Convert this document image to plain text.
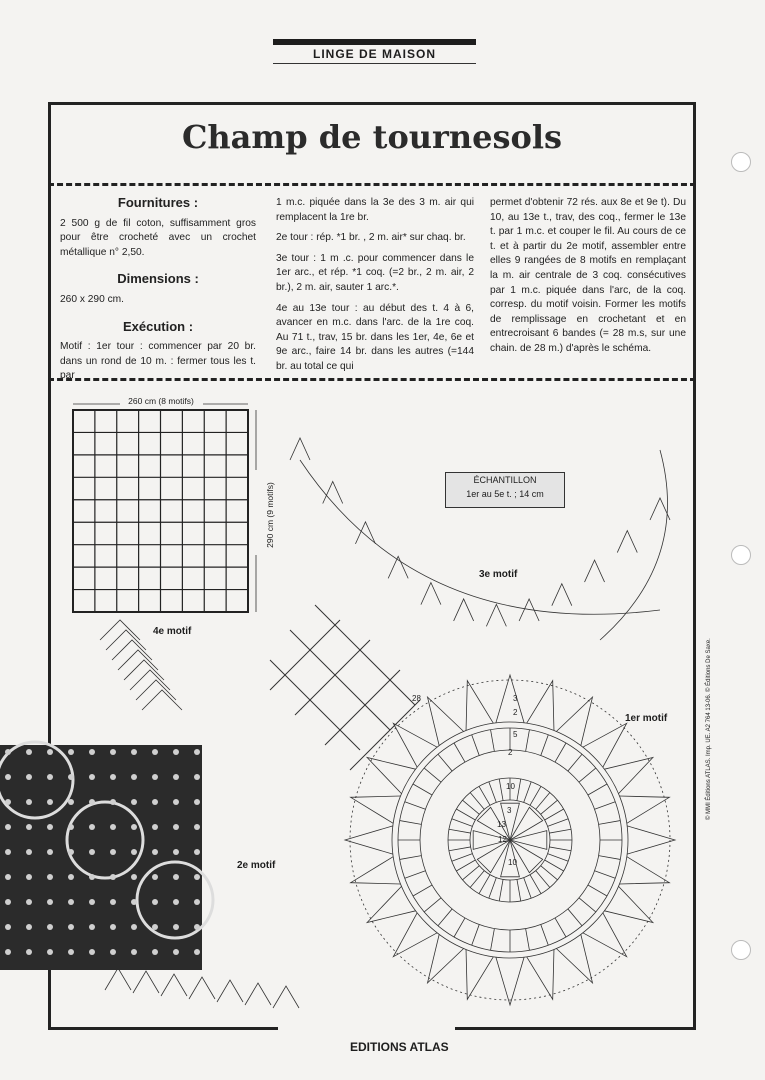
LINGE DE MAISON
Champ de tournesols
Fournitures :

2 500 g de fil coton, suffisamment gros pour être crocheté avec un crochet métallique n° 2,50.

Dimensions :

260 x 290 cm.

Exécution :

Motif : 1er tour : commencer par 20 br. dans un rond de 10 m. : fermer tous les t. par

1 m.c. piquée dans la 3e des 3 m. air qui remplacent la 1re br.

2e tour : rép. *1 br. , 2 m. air* sur chaq. br.

3e tour : 1 m .c. pour commencer dans le 1er arc., et rép. *1 coq. (=2 br., 2 m. air, 2 br.), 2 m. air, sauter 1 arc.*.

4e au 13e tour : au début des t. 4 à 6, avancer en m.c. dans l'arc. de la 1re coq. Au 71 t., trav, 15 br. dans les 1er, 4e, 6e et 9e arc., faire 14 br. dans les autres (=144 br. au total ce qui

permet d'obtenir 72 rés. aux 8e et 9e t). Du 10, au 13e t., trav, des coq., fermer le 13e t. par 1 m.c. et couper le fil. Au cours de ce t. et à partir du 2e motif, assembler entre elles 9 rangées de 8 motifs en remplaçant la m. air centrale de 3 coq. consécutives par 1 m.c. piquée dans l'arc, de la coq. corresp. du motif voisin. Former les motifs de remplissage en crochetant et en entrecroisant 6 bandes (= 28 m.s, sur une chain. de 28 m.) d'après le schéma.

260 cm (8 motifs)
290 cm (9 motifs)
ÉCHANTILLON
1er au 5e t. ; 14 cm
4e motif
3e motif
1er motif
2e motif
3
2
5
10
2
3
10
12
13
28	© MMI Éditions ATLAS. Imp. UE. A2 764 13-06. © Éditions De Saxe.
EDITIONS ATLAS
